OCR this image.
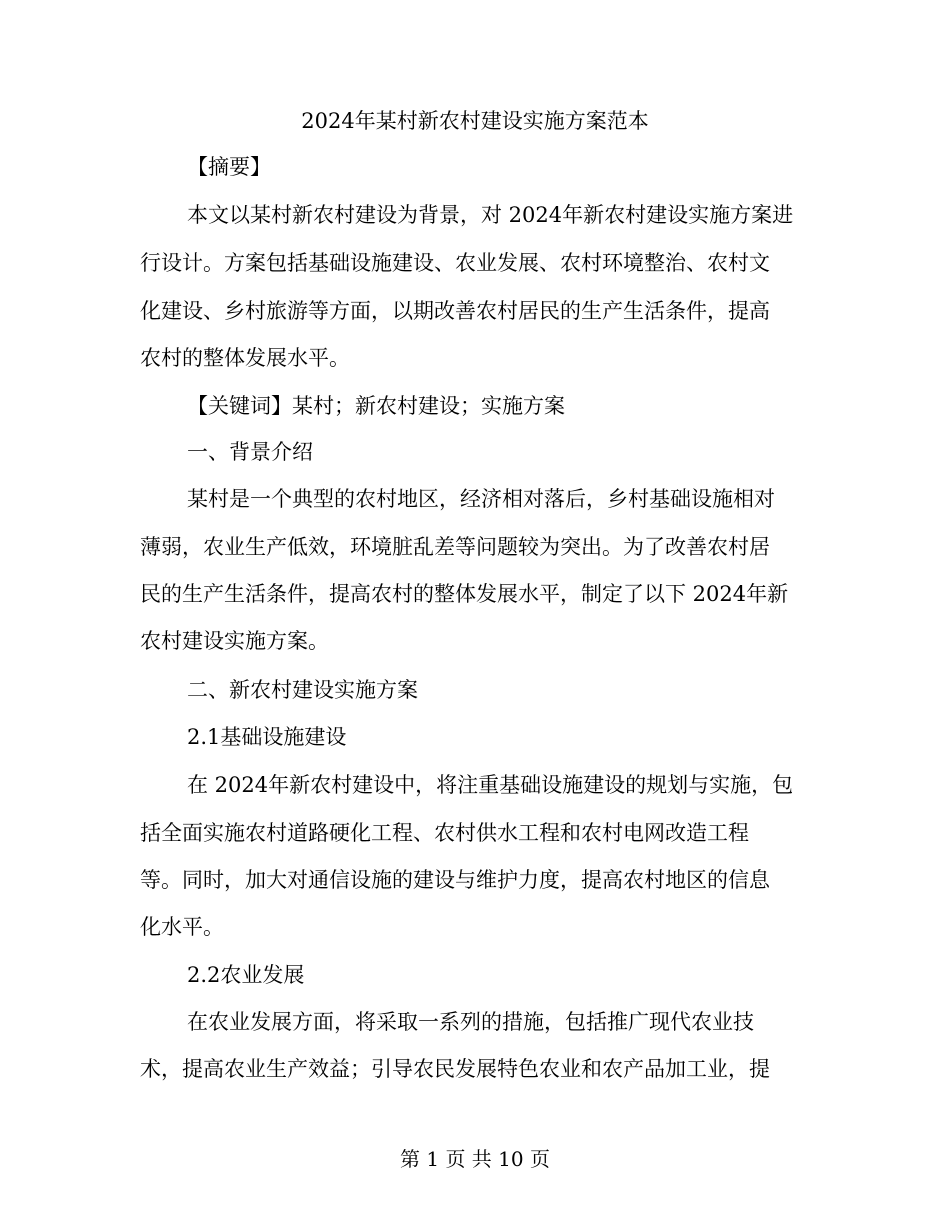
2024年某村新农村建设实施方案范本
【摘要】
本文以某村新农村建设为背景，对 2024年新农村建设实施方案进
行设计。方案包括基础设施建设、农业发展、农村环境整治、农村文
化建设、乡村旅游等方面，以期改善农村居民的生产生活条件，提高
农村的整体发展水平。
【关键词】某村；新农村建设；实施方案
一、背景介绍
某村是一个典型的农村地区，经济相对落后，乡村基础设施相对
薄弱，农业生产低效，环境脏乱差等问题较为突出。为了改善农村居
民的生产生活条件，提高农村的整体发展水平，制定了以下 2024年新
农村建设实施方案。
二、新农村建设实施方案
2.1基础设施建设
在 2024年新农村建设中，将注重基础设施建设的规划与实施，包
括全面实施农村道路硬化工程、农村供水工程和农村电网改造工程
等。同时，加大对通信设施的建设与维护力度，提高农村地区的信息
化水平。
2.2农业发展
在农业发展方面，将采取一系列的措施，包括推广现代农业技
术，提高农业生产效益；引导农民发展特色农业和农产品加工业，提
第 1 页 共 10 页
